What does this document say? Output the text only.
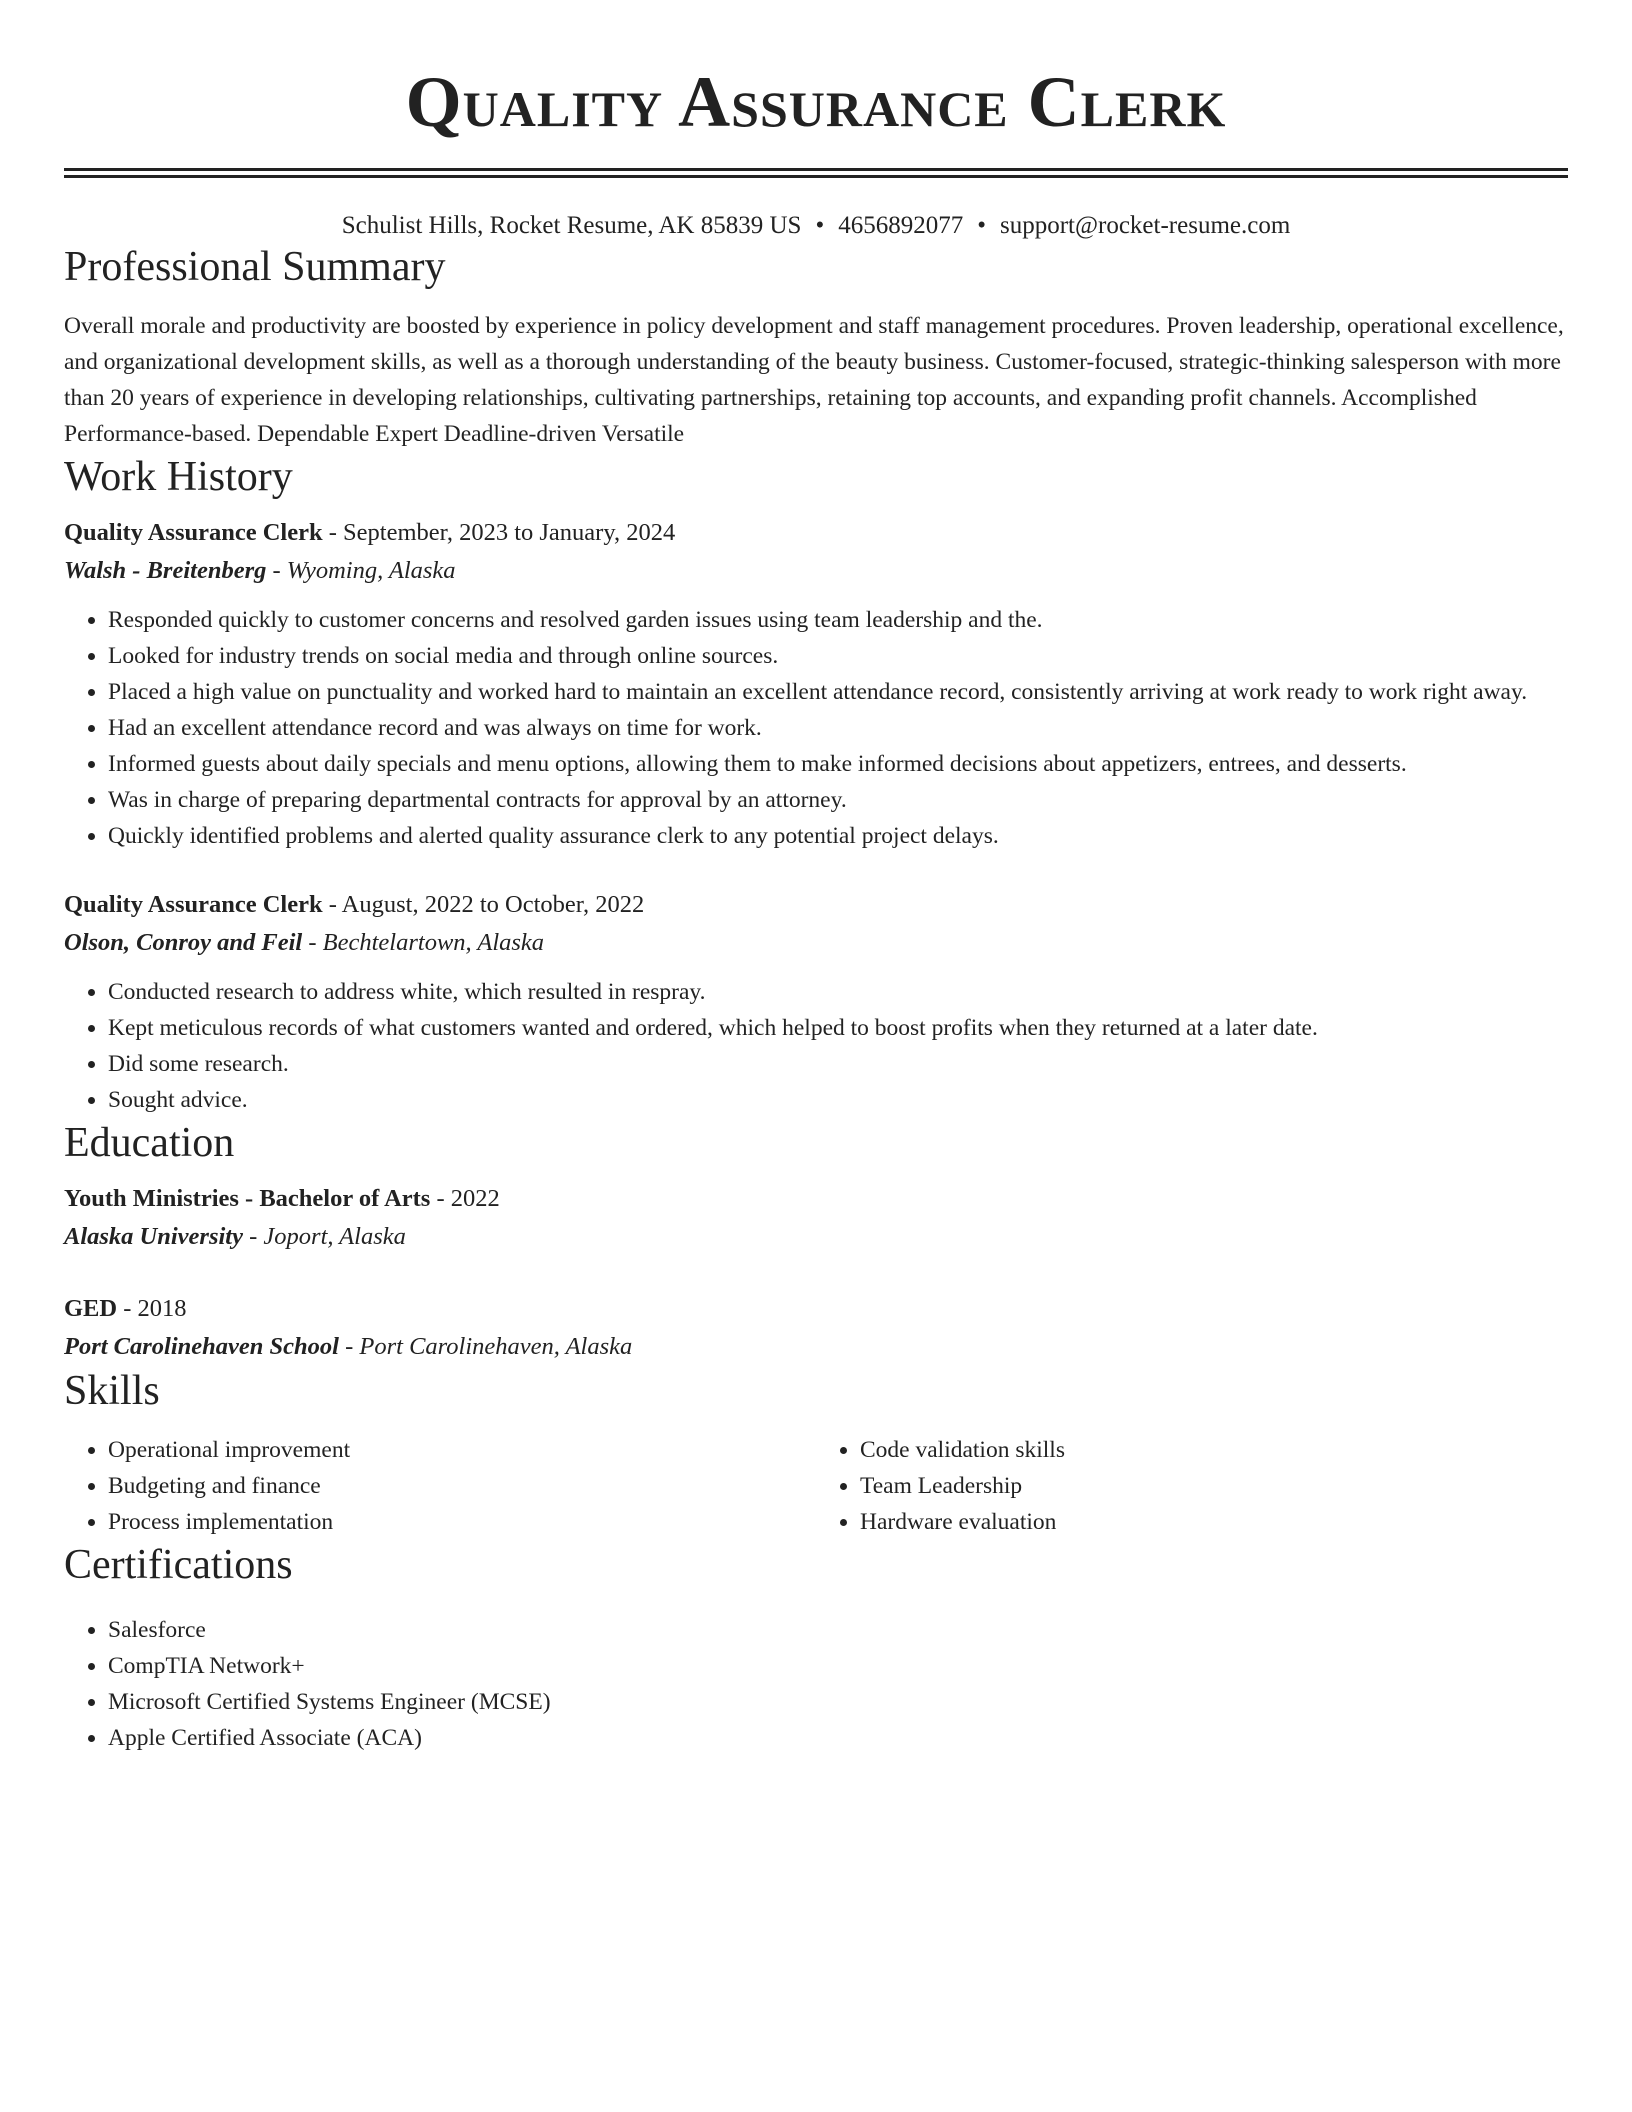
Quality Assurance Clerk
Schulist Hills, Rocket Resume, AK 85839 US • 4656892077 • support@rocket-resume.com
Professional Summary
Overall morale and productivity are boosted by experience in policy development and staff management procedures. Proven leadership, operational excellence, and organizational development skills, as well as a thorough understanding of the beauty business. Customer-focused, strategic-thinking salesperson with more than 20 years of experience in developing relationships, cultivating partnerships, retaining top accounts, and expanding profit channels. Accomplished Performance-based. Dependable Expert Deadline-driven Versatile
Work History
Quality Assurance Clerk - September, 2023 to January, 2024
Walsh - Breitenberg - Wyoming, Alaska
• Responded quickly to customer concerns and resolved garden issues using team leadership and the.
• Looked for industry trends on social media and through online sources.
• Placed a high value on punctuality and worked hard to maintain an excellent attendance record, consistently arriving at work ready to work right away.
• Had an excellent attendance record and was always on time for work.
• Informed guests about daily specials and menu options, allowing them to make informed decisions about appetizers, entrees, and desserts.
• Was in charge of preparing departmental contracts for approval by an attorney.
• Quickly identified problems and alerted quality assurance clerk to any potential project delays.
Quality Assurance Clerk - August, 2022 to October, 2022
Olson, Conroy and Feil - Bechtelartown, Alaska
• Conducted research to address white, which resulted in respray.
• Kept meticulous records of what customers wanted and ordered, which helped to boost profits when they returned at a later date.
• Did some research.
• Sought advice.
Education
Youth Ministries - Bachelor of Arts - 2022
Alaska University - Joport, Alaska
GED - 2018
Port Carolinehaven School - Port Carolinehaven, Alaska
Skills
• Operational improvement
• Budgeting and finance
• Process implementation
• Code validation skills
• Team Leadership
• Hardware evaluation
Certifications
• Salesforce
• CompTIA Network+
• Microsoft Certified Systems Engineer (MCSE)
• Apple Certified Associate (ACA)
